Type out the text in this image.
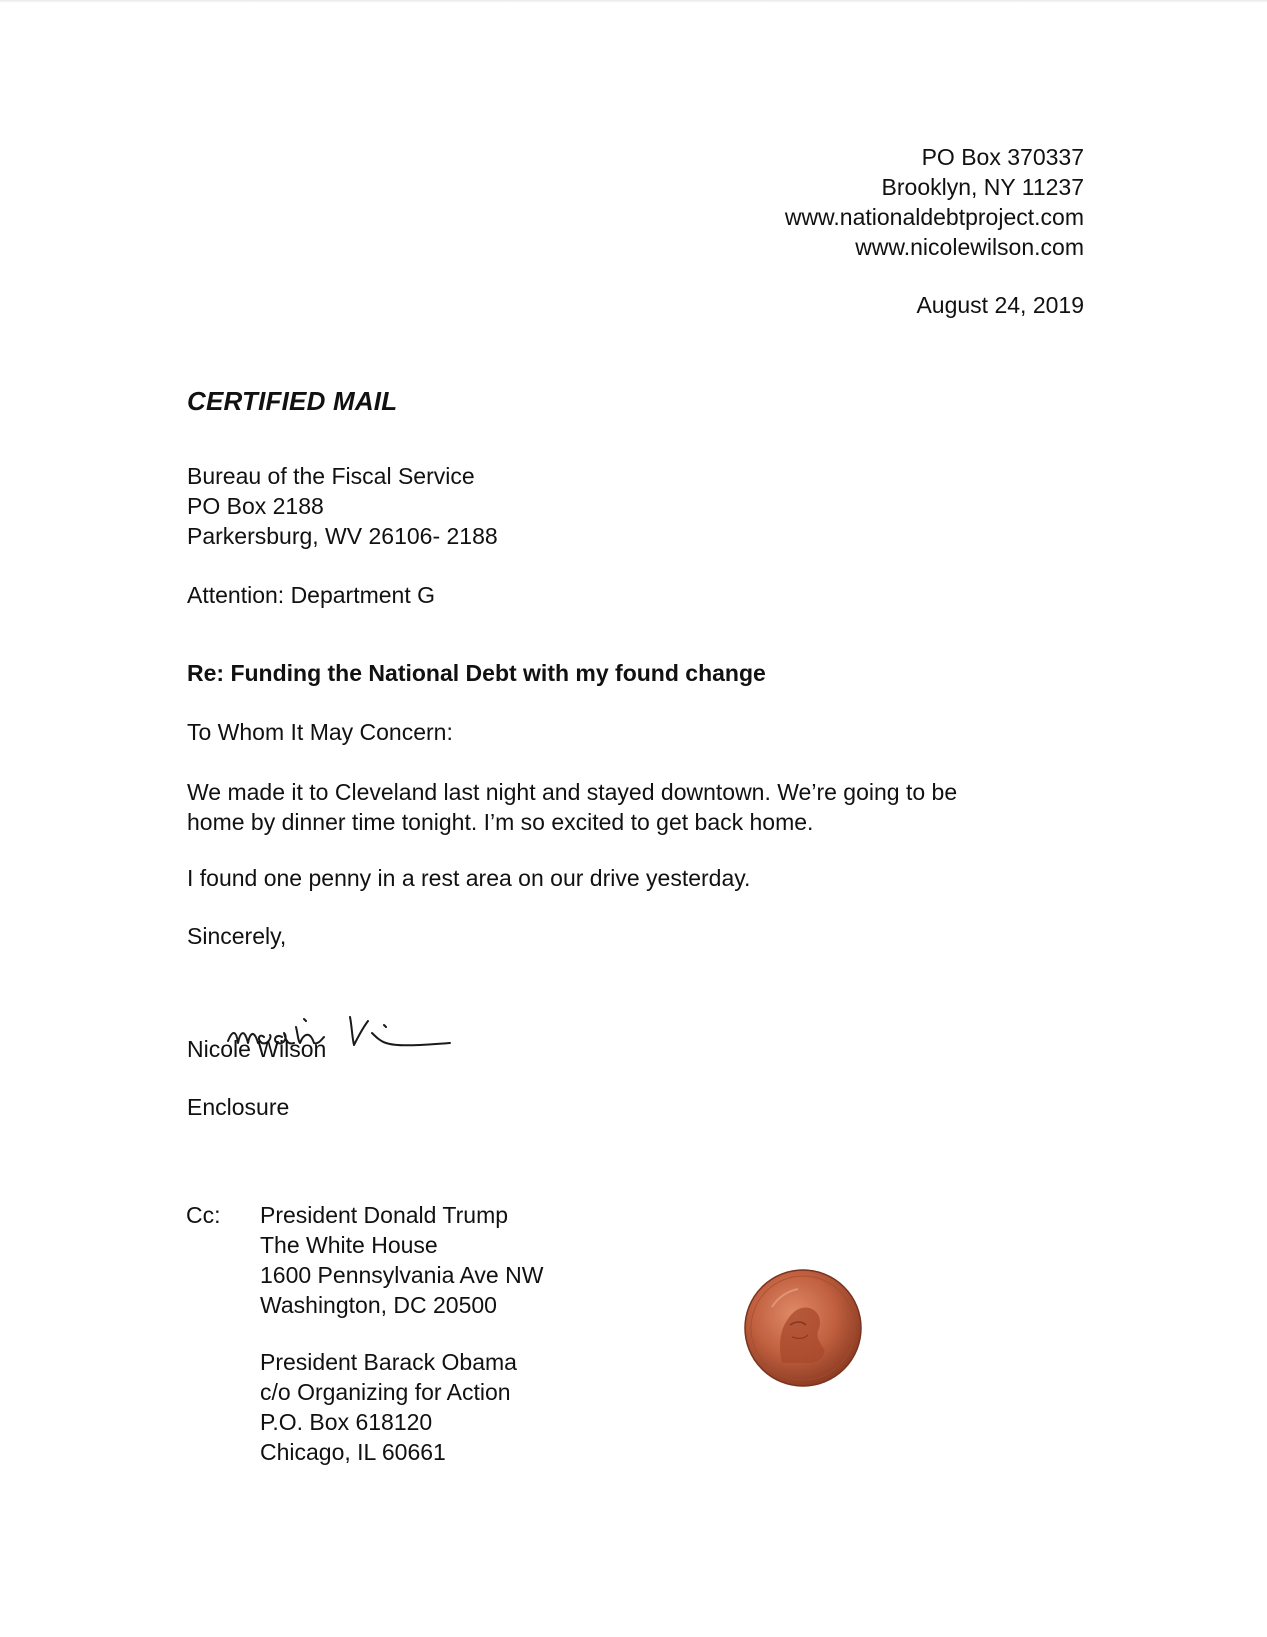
PO Box 370337
Brooklyn, NY 11237
www.nationaldebtproject.com
www.nicolewilson.com
August 24, 2019
CERTIFIED MAIL
Bureau of the Fiscal Service
PO Box 2188
Parkersburg, WV 26106- 2188
Attention: Department G
Re: Funding the National Debt with my found change
To Whom It May Concern:
We made it to Cleveland last night and stayed downtown. We’re going to be
home by dinner time tonight. I’m so excited to get back home.
I found one penny in a rest area on our drive yesterday.
Sincerely,
Nicole Wilson
Enclosure
Cc: President Donald Trump
The White House
1600 Pennsylvania Ave NW
Washington, DC 20500
President Barack Obama
c/o Organizing for Action
P.O. Box 618120
Chicago, IL 60661
